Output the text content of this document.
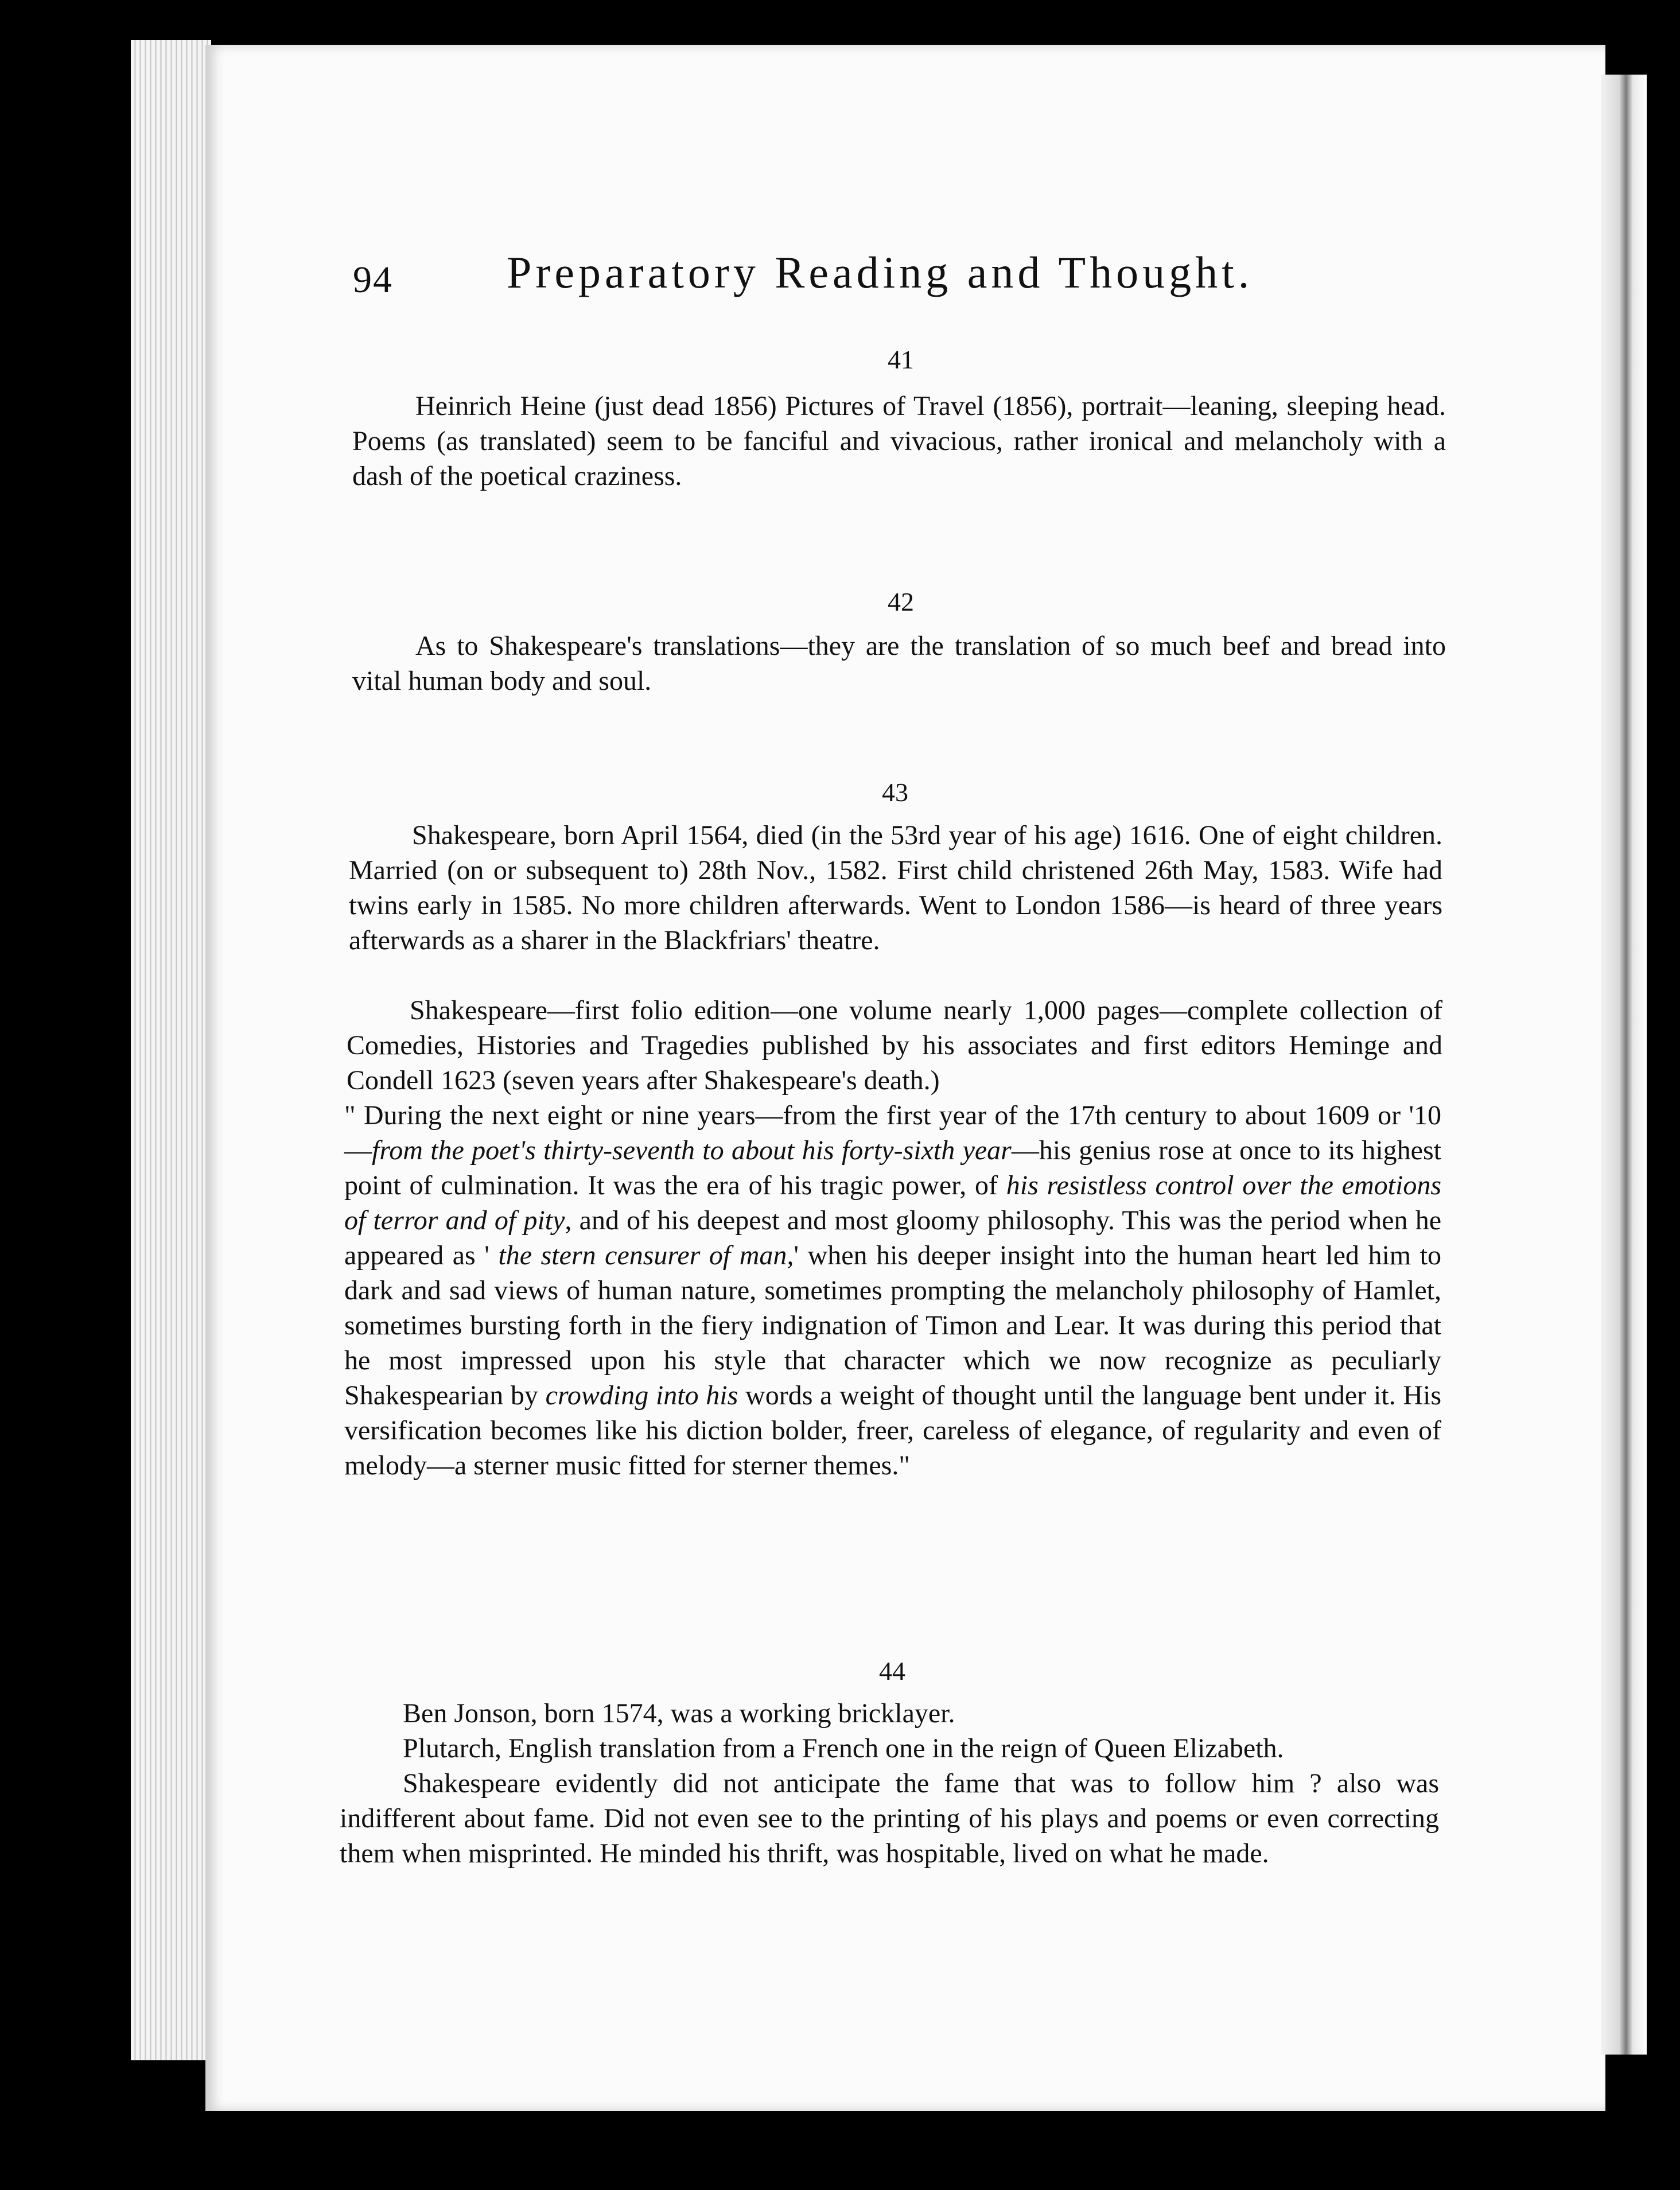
94	Preparatory Reading and Thought.
41

Heinrich Heine (just dead 1856) Pictures of Travel (1856), portrait—leaning, sleeping head. Poems (as translated) seem to be fanciful and vivacious, rather ironical and melancholy with a dash of the poetical craziness.

42

As to Shakespeare's translations—they are the translation of so much beef and bread into vital human body and soul.

43

Shakespeare, born April 1564, died (in the 53rd year of his age) 1616. One of eight children. Married (on or subsequent to) 28th Nov., 1582. First child christened 26th May, 1583. Wife had twins early in 1585. No more children afterwards. Went to London 1586—is heard of three years afterwards as a sharer in the Blackfriars' theatre.

Shakespeare—first folio edition—one volume nearly 1,000 pages—complete collection of Comedies, Histories and Tragedies published by his associates and first editors Heminge and Condell 1623 (seven years after Shakespeare's death.)

" During the next eight or nine years—from the first year of the 17th century to about 1609 or '10—from the poet's thirty-seventh to about his forty-sixth year—his genius rose at once to its highest point of culmination. It was the era of his tragic power, of his resistless control over the emotions of terror and of pity, and of his deepest and most gloomy philosophy. This was the period when he appeared as ' the stern censurer of man,' when his deeper insight into the human heart led him to dark and sad views of human nature, sometimes prompting the melancholy philosophy of Hamlet, sometimes bursting forth in the fiery indignation of Timon and Lear. It was during this period that he most impressed upon his style that character which we now recognize as peculiarly Shakespearian by crowding into his words a weight of thought until the language bent under it. His versification becomes like his diction bolder, freer, careless of elegance, of regularity and even of melody—a sterner music fitted for sterner themes."

44

Ben Jonson, born 1574, was a working bricklayer.

Plutarch, English translation from a French one in the reign of Queen Elizabeth.

Shakespeare evidently did not anticipate the fame that was to follow him ? also was indifferent about fame. Did not even see to the printing of his plays and poems or even correcting them when misprinted. He minded his thrift, was hospitable, lived on what he made.
